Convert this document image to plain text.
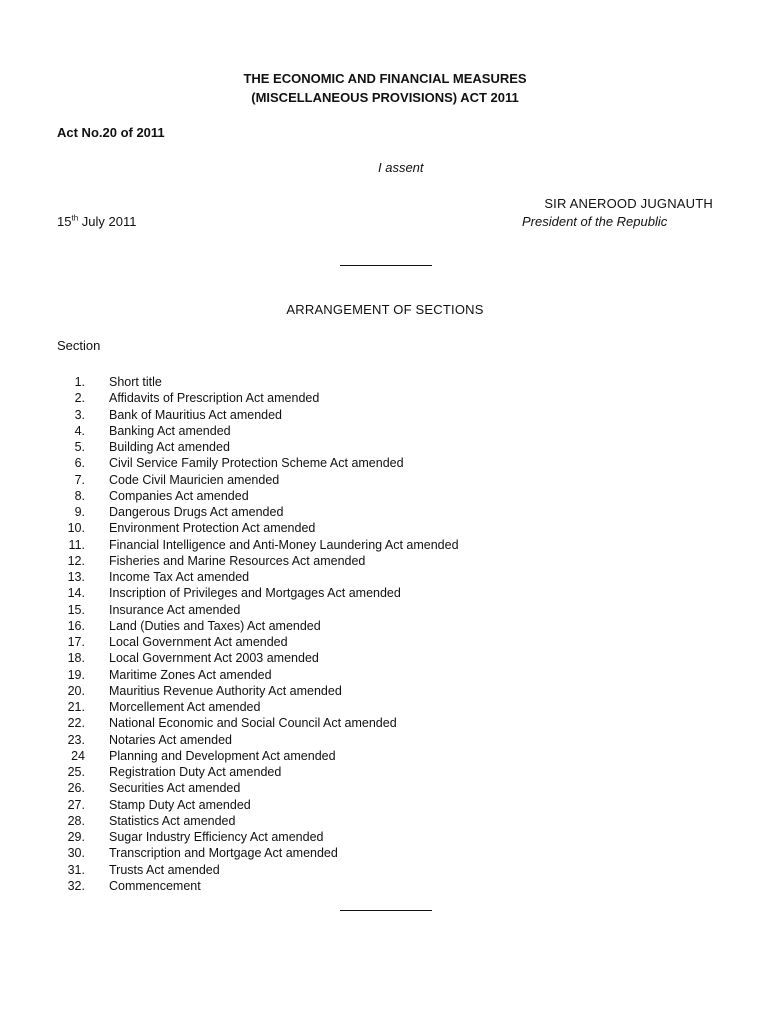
THE ECONOMIC AND FINANCIAL MEASURES
(MISCELLANEOUS PROVISIONS) ACT 2011
Act No.20 of 2011
I assent
SIR ANEROOD JUGNAUTH
President of the Republic
15th July 2011
ARRANGEMENT OF SECTIONS
Section
1. Short title
2. Affidavits of Prescription Act amended
3. Bank of Mauritius Act amended
4. Banking Act amended
5. Building Act amended
6. Civil Service Family Protection Scheme Act amended
7. Code Civil Mauricien amended
8. Companies Act amended
9. Dangerous Drugs Act amended
10. Environment Protection Act amended
11. Financial Intelligence and Anti-Money Laundering Act amended
12. Fisheries and Marine Resources Act amended
13. Income Tax Act amended
14. Inscription of Privileges and Mortgages Act amended
15. Insurance Act amended
16. Land (Duties and Taxes) Act amended
17. Local Government Act amended
18. Local Government Act 2003 amended
19. Maritime Zones Act amended
20. Mauritius Revenue Authority Act amended
21. Morcellement Act amended
22. National Economic and Social Council Act amended
23. Notaries Act amended
24 Planning and Development Act amended
25. Registration Duty Act amended
26. Securities Act amended
27. Stamp Duty Act amended
28. Statistics Act amended
29. Sugar Industry Efficiency Act amended
30. Transcription and Mortgage Act amended
31. Trusts Act amended
32. Commencement
